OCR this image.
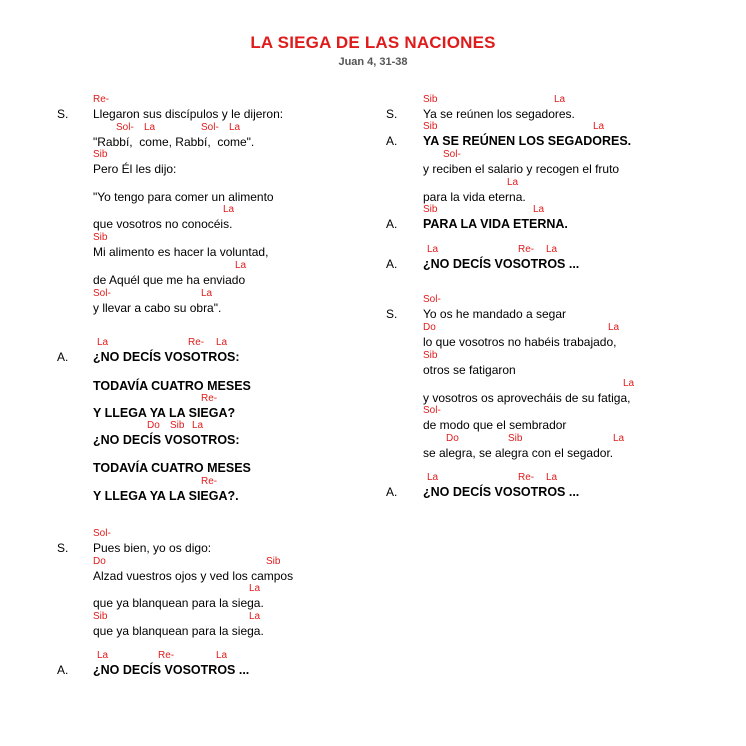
LA SIEGA DE LAS NACIONES
Juan 4, 31-38
Re-
S. Llegaron sus discípulos y le dijeron:
Sol- La	Sol- La
"Rabbí,  come, Rabbí,  come".
Sib
Pero Él les dijo:
"Yo tengo para comer un alimento
La
que vosotros no conocéis.
Sib
Mi alimento es hacer la voluntad,
La
de Aquél que me ha enviado
Sol-	La
y llevar a cabo su obra".
La	Re- La
A. ¿NO DECÍS VOSOTROS:
TODAVÍA CUATRO MESES
Re-
Y LLEGA YA LA SIEGA?
Do Sib La
¿NO DECÍS VOSOTROS:
TODAVÍA CUATRO MESES
Re-
Y LLEGA YA LA SIEGA?.
Sol-
S. Pues bien, yo os digo:
Do	Sib
Alzad vuestros ojos y ved los campos
La
que ya blanquean para la siega.
Sib	La
que ya blanquean para la siega.
La	Re-	La
A. ¿NO DECÍS VOSOTROS ...
Sib	La
S. Ya se reúnen los segadores.
Sib	La
A. YA SE REÚNEN LOS SEGADORES.
Sol-
y reciben el salario y recogen el fruto
La
para la vida eterna.
Sib	La
A. PARA LA VIDA ETERNA.
La	Re- La
A. ¿NO DECÍS VOSOTROS ...
Sol-
S. Yo os he mandado a segar
Do	La
lo que vosotros no habéis trabajado,
Sib
otros se fatigaron
La
y vosotros os aprovecháis de su fatiga,
Sol-
de modo que el sembrador
Do	Sib	La
se alegra, se alegra con el segador.
La	Re- La
A. ¿NO DECÍS VOSOTROS ...
